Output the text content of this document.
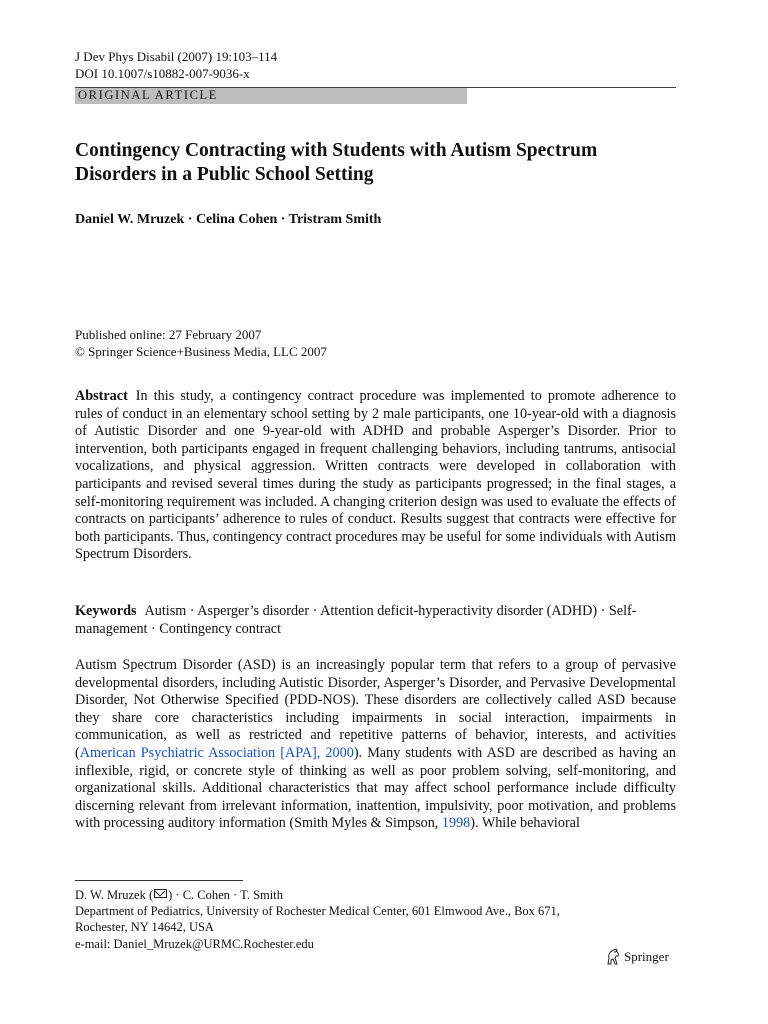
J Dev Phys Disabil (2007) 19:103–114
DOI 10.1007/s10882-007-9036-x
ORIGINAL ARTICLE
Contingency Contracting with Students with Autism Spectrum Disorders in a Public School Setting
Daniel W. Mruzek · Celina Cohen · Tristram Smith
Published online: 27 February 2007
© Springer Science+Business Media, LLC 2007

Abstract In this study, a contingency contract procedure was implemented to promote adherence to rules of conduct in an elementary school setting by 2 male participants, one 10-year-old with a diagnosis of Autistic Disorder and one 9-year-old with ADHD and probable Asperger’s Disorder. Prior to intervention, both participants engaged in frequent challenging behaviors, including tantrums, antisocial vocalizations, and physical aggression. Written contracts were developed in collaboration with participants and revised several times during the study as participants progressed; in the final stages, a self-monitoring requirement was included. A changing criterion design was used to evaluate the effects of contracts on participants’ adherence to rules of conduct. Results suggest that contracts were effective for both participants. Thus, contingency contract procedures may be useful for some individuals with Autism Spectrum Disorders.

Keywords Autism · Asperger’s disorder · Attention deficit-hyperactivity disorder (ADHD) · Self-management · Contingency contract

Autism Spectrum Disorder (ASD) is an increasingly popular term that refers to a group of pervasive developmental disorders, including Autistic Disorder, Asperger’s Disorder, and Pervasive Developmental Disorder, Not Otherwise Specified (PDD-NOS). These disorders are collectively called ASD because they share core characteristics including impairments in social interaction, impairments in communication, as well as restricted and repetitive patterns of behavior, interests, and activities (American Psychiatric Association [APA], 2000). Many students with ASD are described as having an inflexible, rigid, or concrete style of thinking as well as poor problem solving, self-monitoring, and organizational skills. Additional characteristics that may affect school performance include difficulty discerning relevant from irrelevant information, inattention, impulsivity, poor motivation, and problems with processing auditory information (Smith Myles & Simpson, 1998). While behavioral

D. W. Mruzek ( ) · C. Cohen · T. Smith
Department of Pediatrics, University of Rochester Medical Center, 601 Elmwood Ave., Box 671,
Rochester, NY 14642, USA
e-mail: Daniel_Mruzek@URMC.Rochester.edu
Springer
